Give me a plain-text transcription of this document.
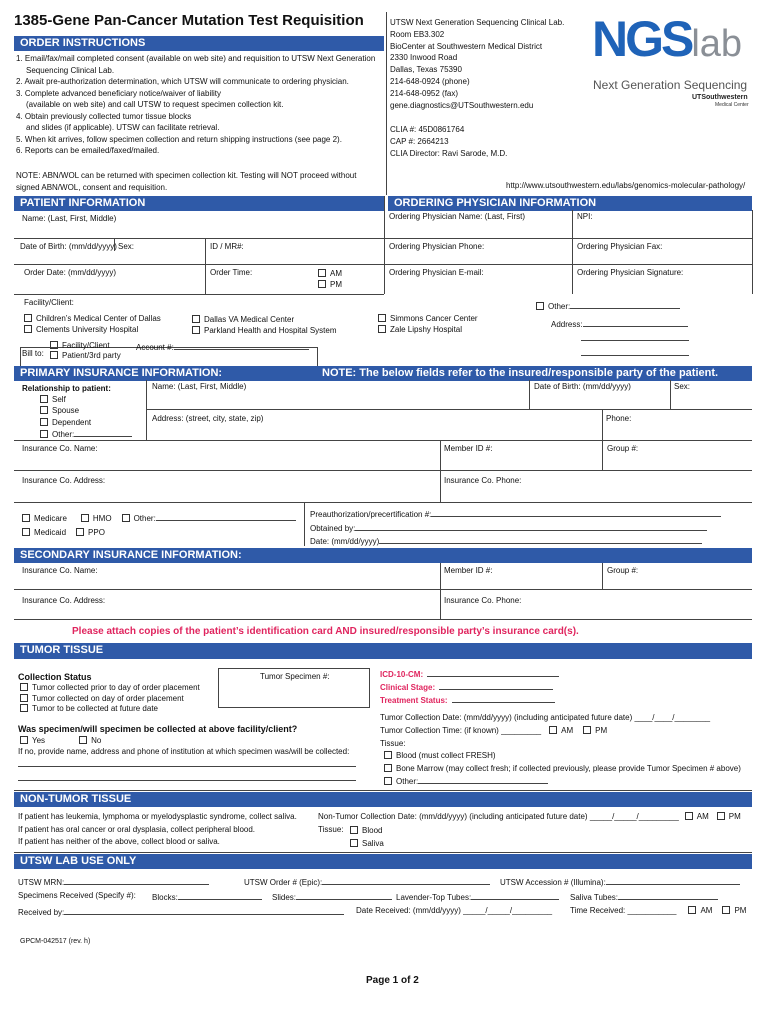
1385-Gene Pan-Cancer Mutation Test Requisition
ORDER INSTRUCTIONS
1. Email/fax/mail completed consent (available on web site) and requisition to UTSW Next Generation
Sequencing Clinical Lab.
2. Await pre-authorization determination, which UTSW will communicate to ordering physician.
3. Complete advanced beneficiary notice/waiver of liability
(available on web site) and call UTSW to request specimen collection kit.
4. Obtain previously collected tumor tissue blocks
and slides (if applicable). UTSW can facilitate retrieval.
5. When kit arrives, follow specimen collection and return shipping instructions (see page 2).
6. Reports can be emailed/faxed/mailed.
NOTE: ABN/WOL can be returned with specimen collection kit. Testing will NOT proceed without
signed ABN/WOL, consent and requisition.
UTSW Next Generation Sequencing Clinical Lab.
Room EB3.302
BioCenter at Southwestern Medical District
2330 Inwood Road
Dallas, Texas 75390
214-648-0924 (phone)
214-648-0952 (fax)
gene.diagnostics@UTSouthwestern.edu
CLIA #: 45D0861764
CAP #: 2664213
CLIA Director: Ravi Sarode, M.D.
NGSlab
Next Generation Sequencing
UTSouthwestern
Medical Center
http://www.utsouthwestern.edu/labs/genomics-molecular-pathology/
PATIENT INFORMATION	ORDERING PHYSICIAN INFORMATION
Name: (Last, First, Middle)
Date of Birth: (mm/dd/yyyy) Sex:	ID / MR#:
Order Date: (mm/dd/yyyy)	Order Time:	AM
PM
Ordering Physician Name: (Last, First)	NPI:
Ordering Physician Phone:	Ordering Physician Fax:
Ordering Physician E-mail:	Ordering Physician Signature:
Facility/Client:
Children’s Medical Center of Dallas
Clements University Hospital
Dallas VA Medical Center
Parkland Health and Hospital System
Simmons Cancer Center
Zale Lipshy Hospital
Other:
Address:
Bill to:
Facility/Client
Patient/3rd party
Account #:
PRIMARY INSURANCE INFORMATION:	NOTE: The below fields refer to the insured/responsible party of the patient.
Relationship to patient:
Self
Spouse
Dependent
Other:
Name: (Last, First, Middle)	Date of Birth: (mm/dd/yyyy)	Sex:
Address: (street, city, state, zip)	Phone:
Insurance Co. Name:	Member ID #:	Group #:
Insurance Co. Address:	Insurance Co. Phone:
Medicare	HMO	Other:
Medicaid	PPO
Preauthorization/precertification #:
Obtained by:
Date: (mm/dd/yyyy)
SECONDARY INSURANCE INFORMATION:
Insurance Co. Name:	Member ID #:	Group #:
Insurance Co. Address:	Insurance Co. Phone:
Please attach copies of the patient’s identification card AND insured/responsible party’s insurance card(s).
TUMOR TISSUE
Collection Status
Tumor collected prior to day of order placement
Tumor collected on day of order placement
Tumor to be collected at future date
Tumor Specimen #:	ICD-10-CM:
Clinical Stage:
Treatment Status:
Tumor Collection Date: (mm/dd/yyyy) (including anticipated future date) ____/____/________
Tumor Collection Time: (if known) _________	AM	PM
Was specimen/will specimen be collected at above facility/client?
Yes	No
If no, provide name, address and phone of institution at which specimen was/will be collected:
Tissue:
Blood (must collect FRESH)
Bone Marrow (may collect fresh; if collected previously, please provide Tumor Specimen # above)
Other:
NON-TUMOR TISSUE
If patient has leukemia, lymphoma or myelodysplastic syndrome, collect saliva.
If patient has oral cancer or oral dysplasia, collect peripheral blood.
If patient has neither of the above, collect blood or saliva.
Non-Tumor Collection Date: (mm/dd/yyyy) (including anticipated future date) _____/_____/_________ AM	PM
Tissue:	Blood
Saliva
UTSW LAB USE ONLY
UTSW MRN:	UTSW Order # (Epic):	UTSW Accession # (Illumina):
Specimens Received (Specify #): Blocks:	Slides:	Lavender-Top Tubes:	Saliva Tubes:
Received by:	Date Received: (mm/dd/yyyy) _____/_____/_________ Time Received: ___________	AM	PM
GPCM-042517 (rev. h)
Page 1 of 2
